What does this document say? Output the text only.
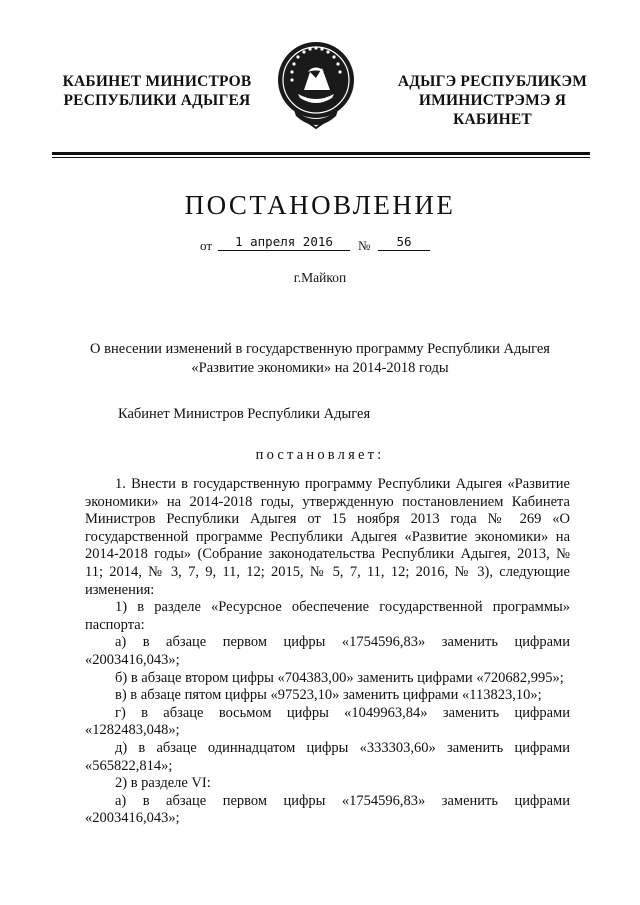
КАБИНЕТ МИНИСТРОВ
РЕСПУБЛИКИ АДЫГЕЯ
АДЫГЭ РЕСПУБЛИКЭМ
ИМИНИСТРЭМЭ Я КАБИНЕТ
ПОСТАНОВЛЕНИЕ
от	1 апреля 2016	№	56
г.Майкоп
О внесении изменений в государственную программу Республики Адыгея
«Развитие экономики» на 2014-2018 годы
Кабинет Министров Республики Адыгея
постановляет:

1. Внести в государственную программу Республики Адыгея «Развитие экономики» на 2014-2018 годы, утвержденную постановлением Кабинета Министров Республики Адыгея от 15 ноября 2013 года № 269 «О государственной программе Республики Адыгея «Развитие экономики» на 2014-2018 годы» (Собрание законодательства Республики Адыгея, 2013, № 11; 2014, № 3, 7, 9, 11, 12; 2015, № 5, 7, 11, 12; 2016, № 3), следующие изменения:

1) в разделе «Ресурсное обеспечение государственной программы» паспорта:

а) в абзаце первом цифры «1754596,83» заменить цифрами «2003416,043»;

б) в абзаце втором цифры «704383,00» заменить цифрами «720682,995»;

в) в абзаце пятом цифры «97523,10» заменить цифрами «113823,10»;

г) в абзаце восьмом цифры «1049963,84» заменить цифрами «1282483,048»;

д) в абзаце одиннадцатом цифры «333303,60» заменить цифрами «565822,814»;

2) в разделе VI:

а) в абзаце первом цифры «1754596,83» заменить цифрами «2003416,043»;
